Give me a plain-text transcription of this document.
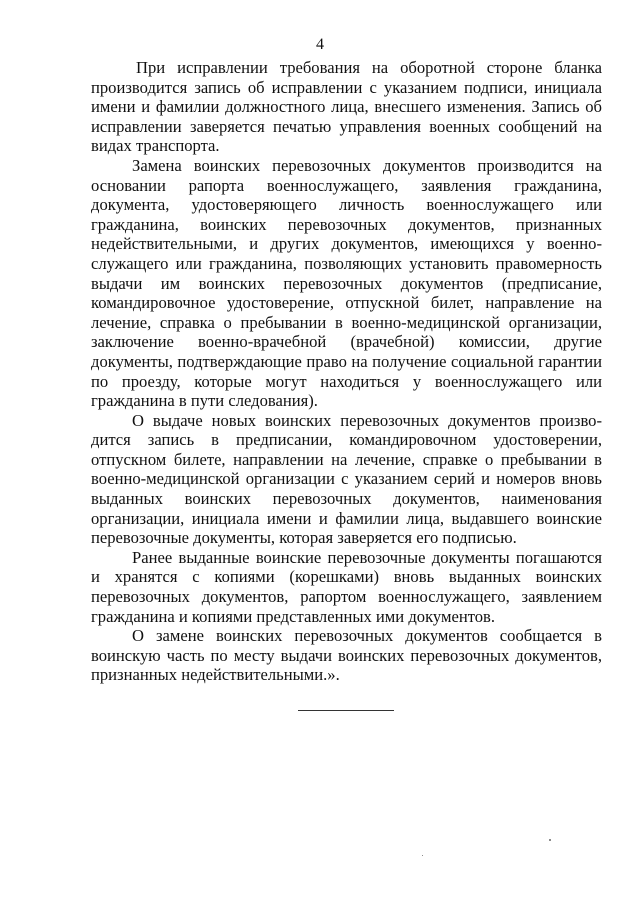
4

При исправлении требования на оборотной стороне бланка производится запись об исправлении с указанием подписи, инициала имени и фамилии должностного лица, внесшего изменения. Запись об исправлении заверяется печатью управления военных сообщений на видах транспорта.

Замена воинских перевозочных документов производится на основании рапорта военнослужащего, заявления гражданина, документа, удостоверяющего личность военнослужащего или гражданина, воинских перевозочных документов, признанных недействительными, и других документов, имеющихся у военнослужащего или гражданина, позволяющих установить правомерность выдачи им воинских перевозочных документов (предписание, командировочное удостоверение, отпускной билет, направление на лечение, справка о пребывании в военно-медицинской организации, заключение военно-врачебной (врачебной) комиссии, другие документы, подтверждающие право на получение социальной гарантии по проезду, которые могут находиться у военнослужащего или гражданина в пути следования).

О выдаче новых воинских перевозочных документов производится запись в предписании, командировочном удостоверении, отпускном билете, направлении на лечение, справке о пребывании в военно-медицинской организации с указанием серий и номеров вновь выданных воинских перевозочных документов, наименования организации, инициала имени и фамилии лица, выдавшего воинские перевозочные документы, которая заверяется его подписью.

Ранее выданные воинские перевозочные документы погашаются и хранятся с копиями (корешками) вновь выданных воинских перевозочных документов, рапортом военнослужащего, заявлением гражданина и копиями представленных ими документов.

О замене воинских перевозочных документов сообщается в воинскую часть по месту выдачи воинских перевозочных документов, признанных недействительными.».
